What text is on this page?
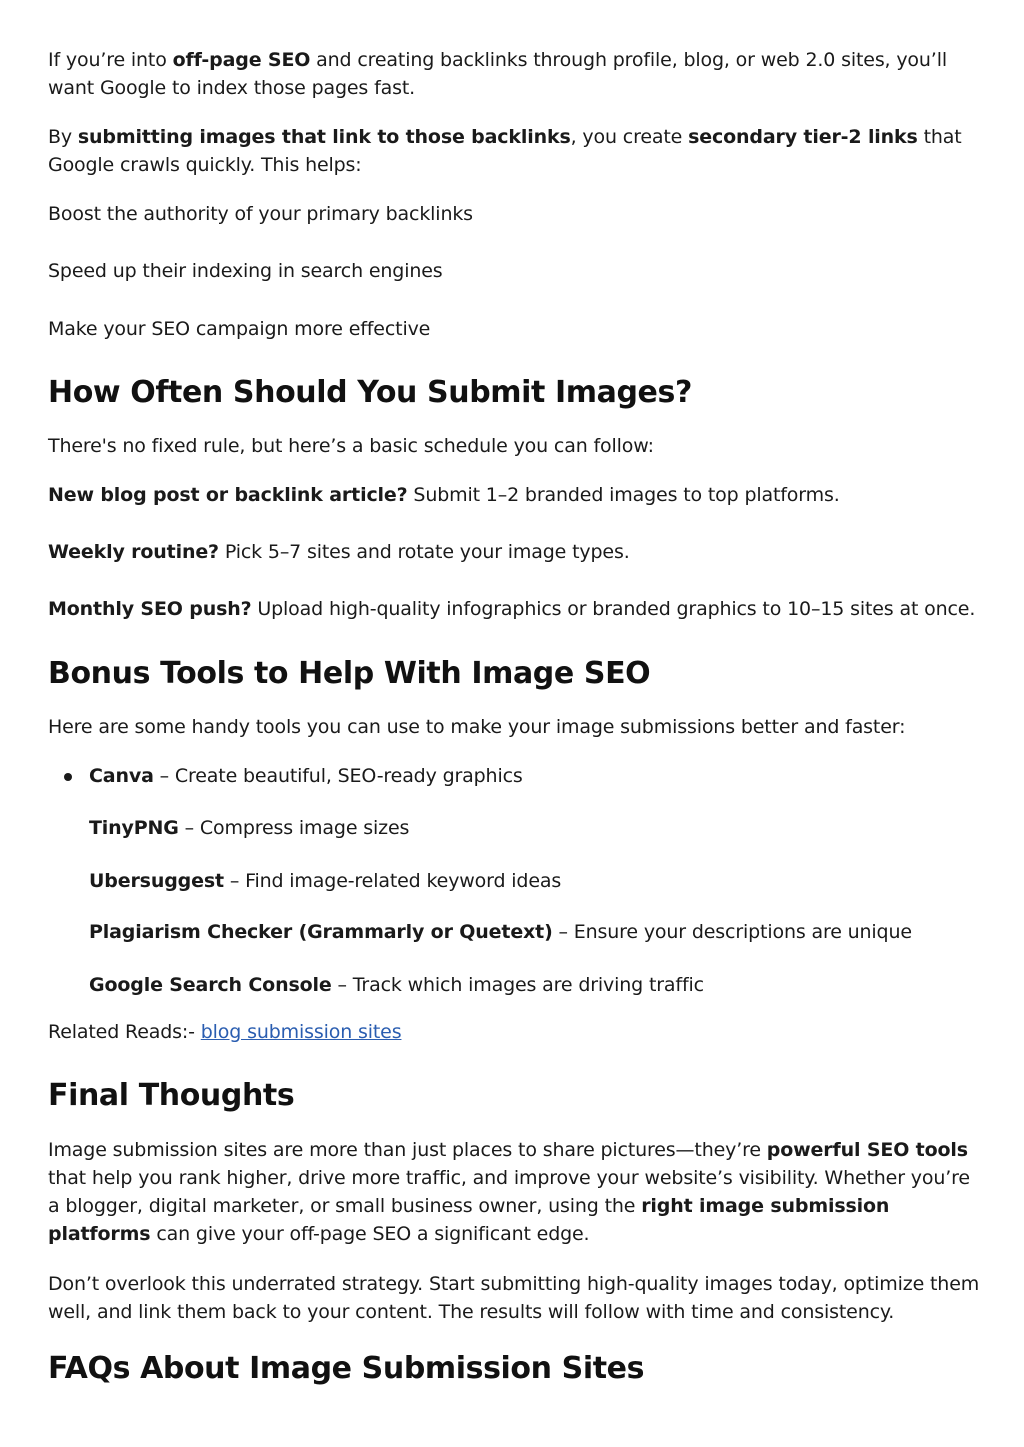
If you’re into off-page SEO and creating backlinks through profile, blog, or web 2.0 sites, you’ll want Google to index those pages fast.

By submitting images that link to those backlinks, you create secondary tier-2 links that Google crawls quickly. This helps:

Boost the authority of your primary backlinks
Speed up their indexing in search engines
Make your SEO campaign more effective
How Often Should You Submit Images?

There's no fixed rule, but here’s a basic schedule you can follow:

New blog post or backlink article? Submit 1–2 branded images to top platforms.
Weekly routine? Pick 5–7 sites and rotate your image types.
Monthly SEO push? Upload high-quality infographics or branded graphics to 10–15 sites at once.
Bonus Tools to Help With Image SEO

Here are some handy tools you can use to make your image submissions better and faster:

Canva – Create beautiful, SEO-ready graphics
TinyPNG – Compress image sizes
Ubersuggest – Find image-related keyword ideas
Plagiarism Checker (Grammarly or Quetext) – Ensure your descriptions are unique
Google Search Console – Track which images are driving traffic
Related Reads:- blog submission sites
Final Thoughts

Image submission sites are more than just places to share pictures—they’re powerful SEO tools that help you rank higher, drive more traffic, and improve your website’s visibility. Whether you’re a blogger, digital marketer, or small business owner, using the right image submission platforms can give your off-page SEO a significant edge.

Don’t overlook this underrated strategy. Start submitting high-quality images today, optimize them well, and link them back to your content. The results will follow with time and consistency.

FAQs About Image Submission Sites
